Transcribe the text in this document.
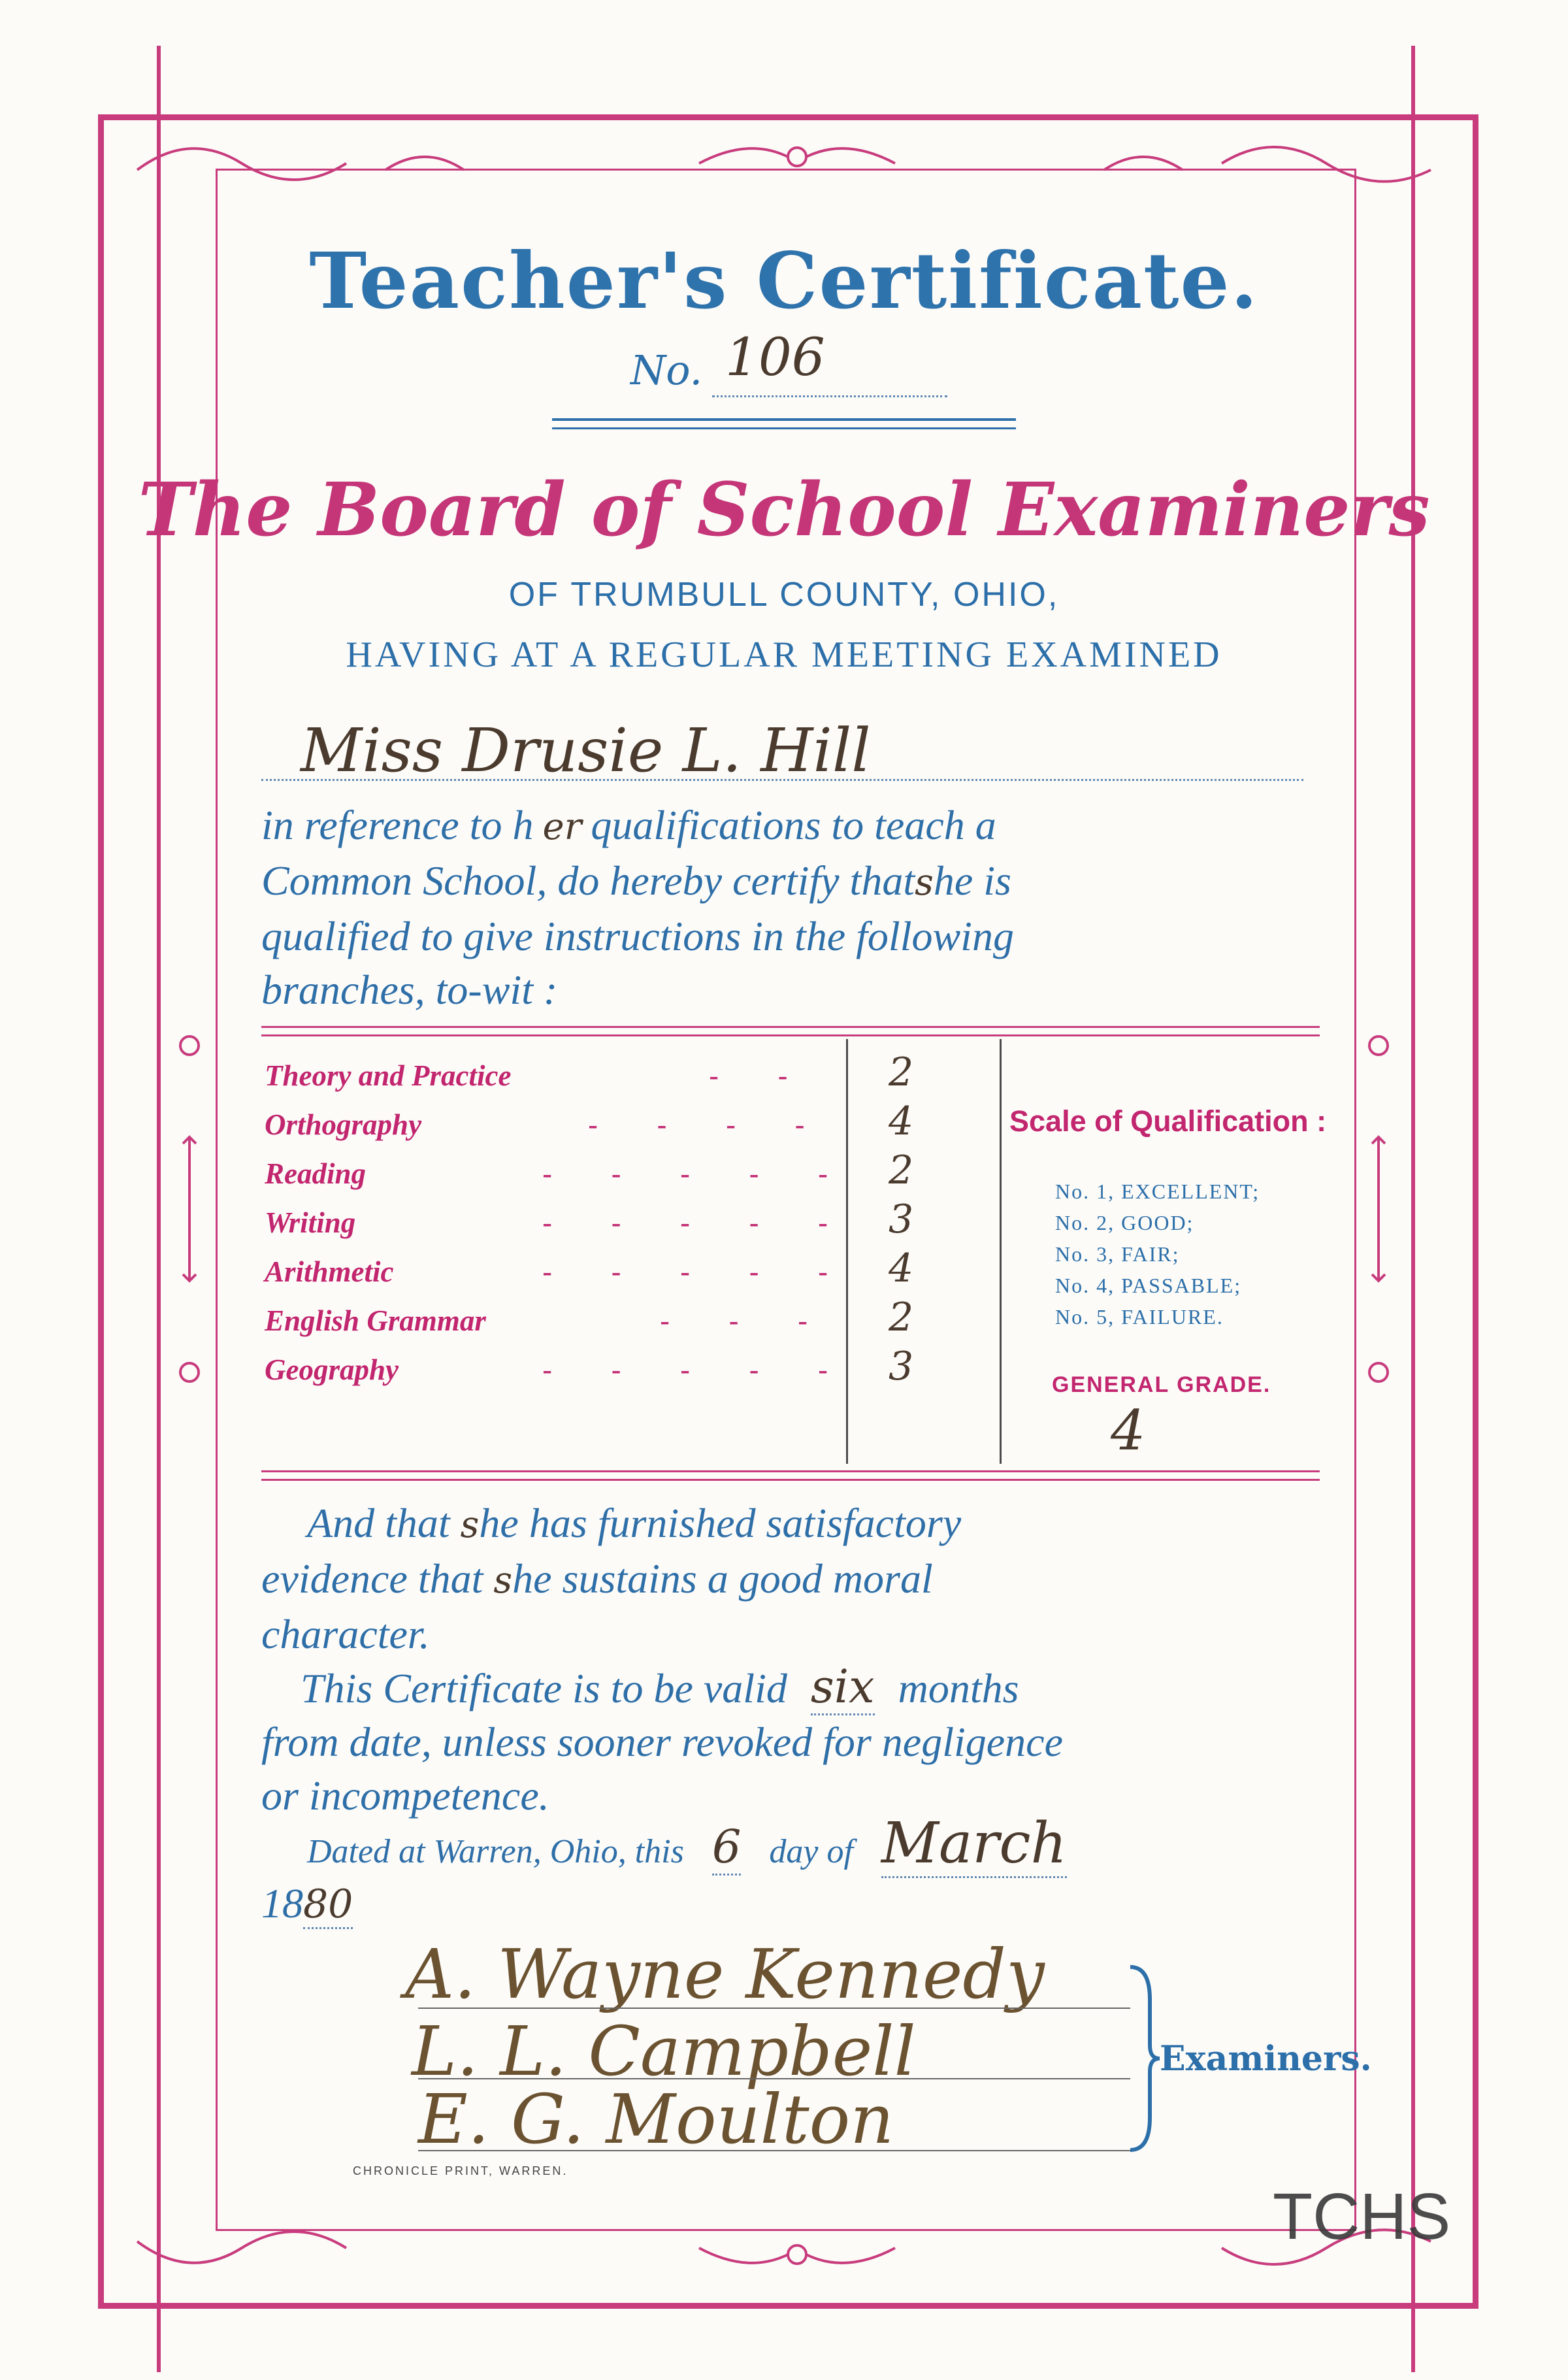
Teacher's Certificate.
No. 106
The Board of School Examiners
OF TRUMBULL COUNTY, OHIO,
HAVING AT A REGULAR MEETING EXAMINED
Miss Drusie L. Hill
in reference to h er qualifications to teach a
Common School, do hereby certify thatshe is
qualified to give instructions in the following
branches, to-wit :
Theory and Practice	- - 2
Orthography	- - - - 4
Reading	- - - - - 2
Writing	- - - - - 3
Arithmetic	- - - - - 4
English Grammar	- - - 2
Geography	- - - - - 3
Scale of Qualification :
No. 1, EXCELLENT;
No. 2, GOOD;
No. 3, FAIR;
No. 4, PASSABLE;
No. 5, FAILURE.
GENERAL GRADE.
4
And that she has furnished satisfactory
evidence that she sustains a good moral
character.
This Certificate is to be valid six months
from date, unless sooner revoked for negligence
or incompetence.
Dated at Warren, Ohio, this 6 day of March
1880
A. Wayne Kennedy
L. L. Campbell
E. G. Moulton
Examiners.
CHRONICLE PRINT, WARREN.
TCHS
